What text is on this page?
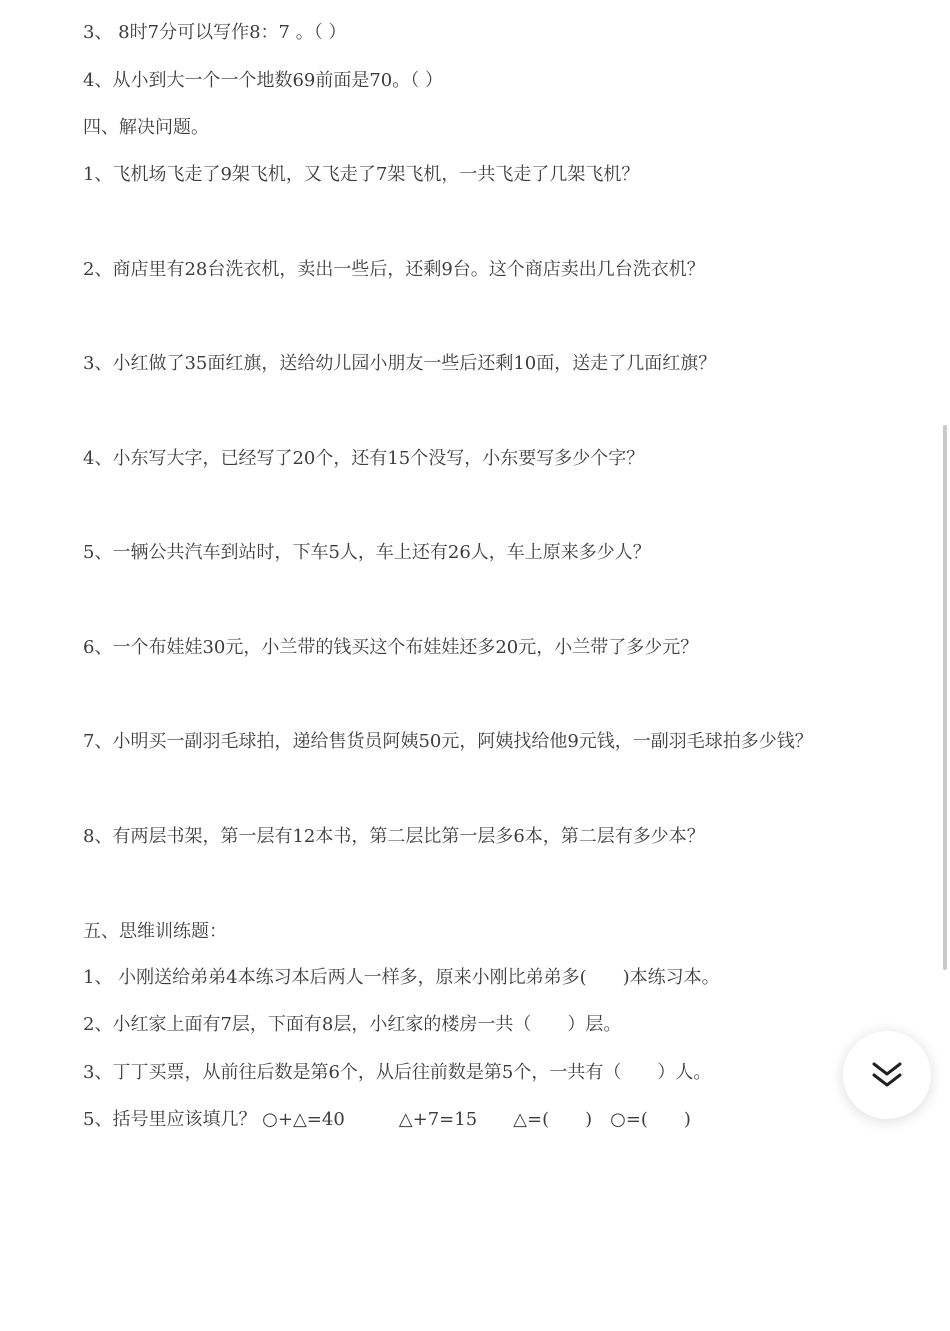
3、 8时7分可以写作8：7 。（ ）
4、从小到大一个一个地数69前面是70。（ ）
四、解决问题。
1、飞机场飞走了9架飞机，又飞走了7架飞机，一共飞走了几架飞机？
2、商店里有28台洗衣机，卖出一些后，还剩9台。这个商店卖出几台洗衣机？
3、小红做了35面红旗，送给幼儿园小朋友一些后还剩10面，送走了几面红旗？
4、小东写大字，已经写了20个，还有15个没写，小东要写多少个字？
5、一辆公共汽车到站时，下车5人，车上还有26人，车上原来多少人？
6、一个布娃娃30元，小兰带的钱买这个布娃娃还多20元，小兰带了多少元？
7、小明买一副羽毛球拍，递给售货员阿姨50元，阿姨找给他9元钱，一副羽毛球拍多少钱？
8、有两层书架，第一层有12本书，第二层比第一层多6本，第二层有多少本？
五、思维训练题：
1、 小刚送给弟弟4本练习本后两人一样多，原来小刚比弟弟多(　　)本练习本。
2、小红家上面有7层，下面有8层，小红家的楼房一共（　　）层。
3、丁丁买票，从前往后数是第6个，从后往前数是第5个，一共有（　　）人。
5、括号里应该填几？ ○+△=40　　　△+7=15　　△=(　　)　○=(　　)
